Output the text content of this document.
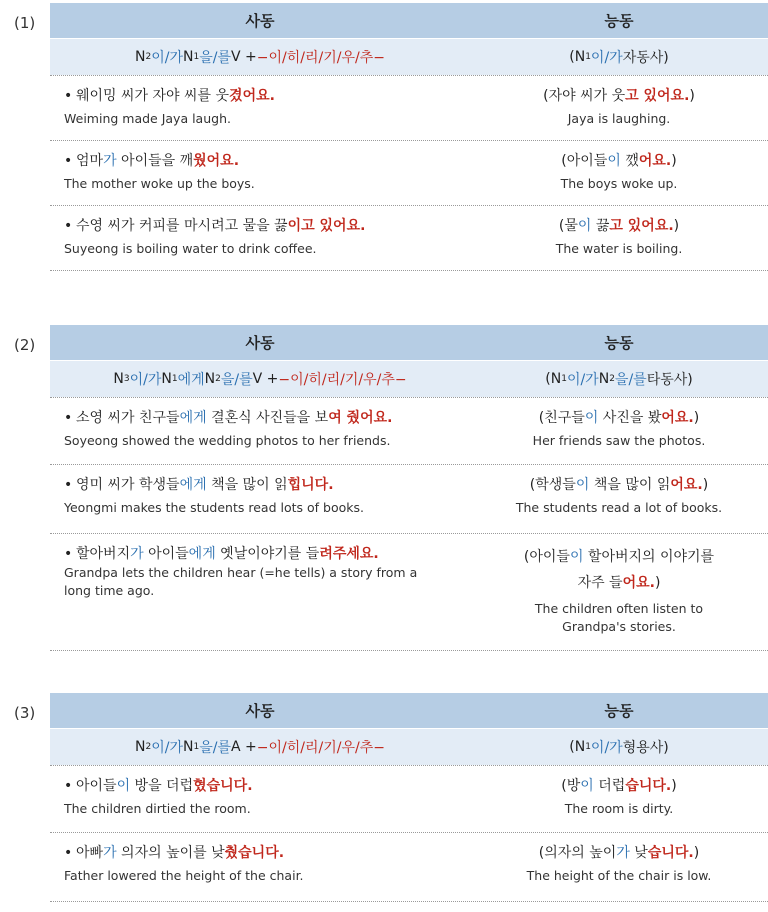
(1)	사동	능동
N 2 이/가 N 1 을/를 V + −이/히/리/기/우/추−	(N 1 이/가 자동사)
• 웨이밍 씨가 자야 씨를 웃겼어요.
Weiming made Jaya laugh.
(자야 씨가 웃고 있어요.)
Jaya is laughing.
• 엄마가 아이들을 깨웠어요.
The mother woke up the boys.
(아이들이 깼어요.)
The boys woke up.
• 수영 씨가 커피를 마시려고 물을 끓이고 있어요.
Suyeong is boiling water to drink coffee.
(물이 끓고 있어요.)
The water is boiling.
(2)	사동	능동
N 3 이/가 N 1 에게 N 2 을/를 V + −이/히/리/기/우/추−	(N 1 이/가 N 2 을/를 타동사)
• 소영 씨가 친구들에게 결혼식 사진들을 보여 줬어요.
Soyeong showed the wedding photos to her friends.
(친구들이 사진을 봤어요.)
Her friends saw the photos.
• 영미 씨가 학생들에게 책을 많이 읽힙니다.
Yeongmi makes the students read lots of books.
(학생들이 책을 많이 읽어요.)
The students read a lot of books.
• 할아버지가 아이들에게 옛날이야기를 들려주세요.
Grandpa lets the children hear (=he tells) a story from a long time ago.
(아이들이 할아버지의 이야기를 자주 들어요.)
The children often listen to Grandpa's stories.
(3)	사동	능동
N 2 이/가 N 1 을/를 A + −이/히/리/기/우/추−	(N 1 이/가 형용사)
• 아이들이 방을 더럽혔습니다.
The children dirtied the room.
(방이 더럽습니다.)
The room is dirty.
• 아빠가 의자의 높이를 낮췄습니다.
Father lowered the height of the chair.
(의자의 높이가 낮습니다.)
The height of the chair is low.
